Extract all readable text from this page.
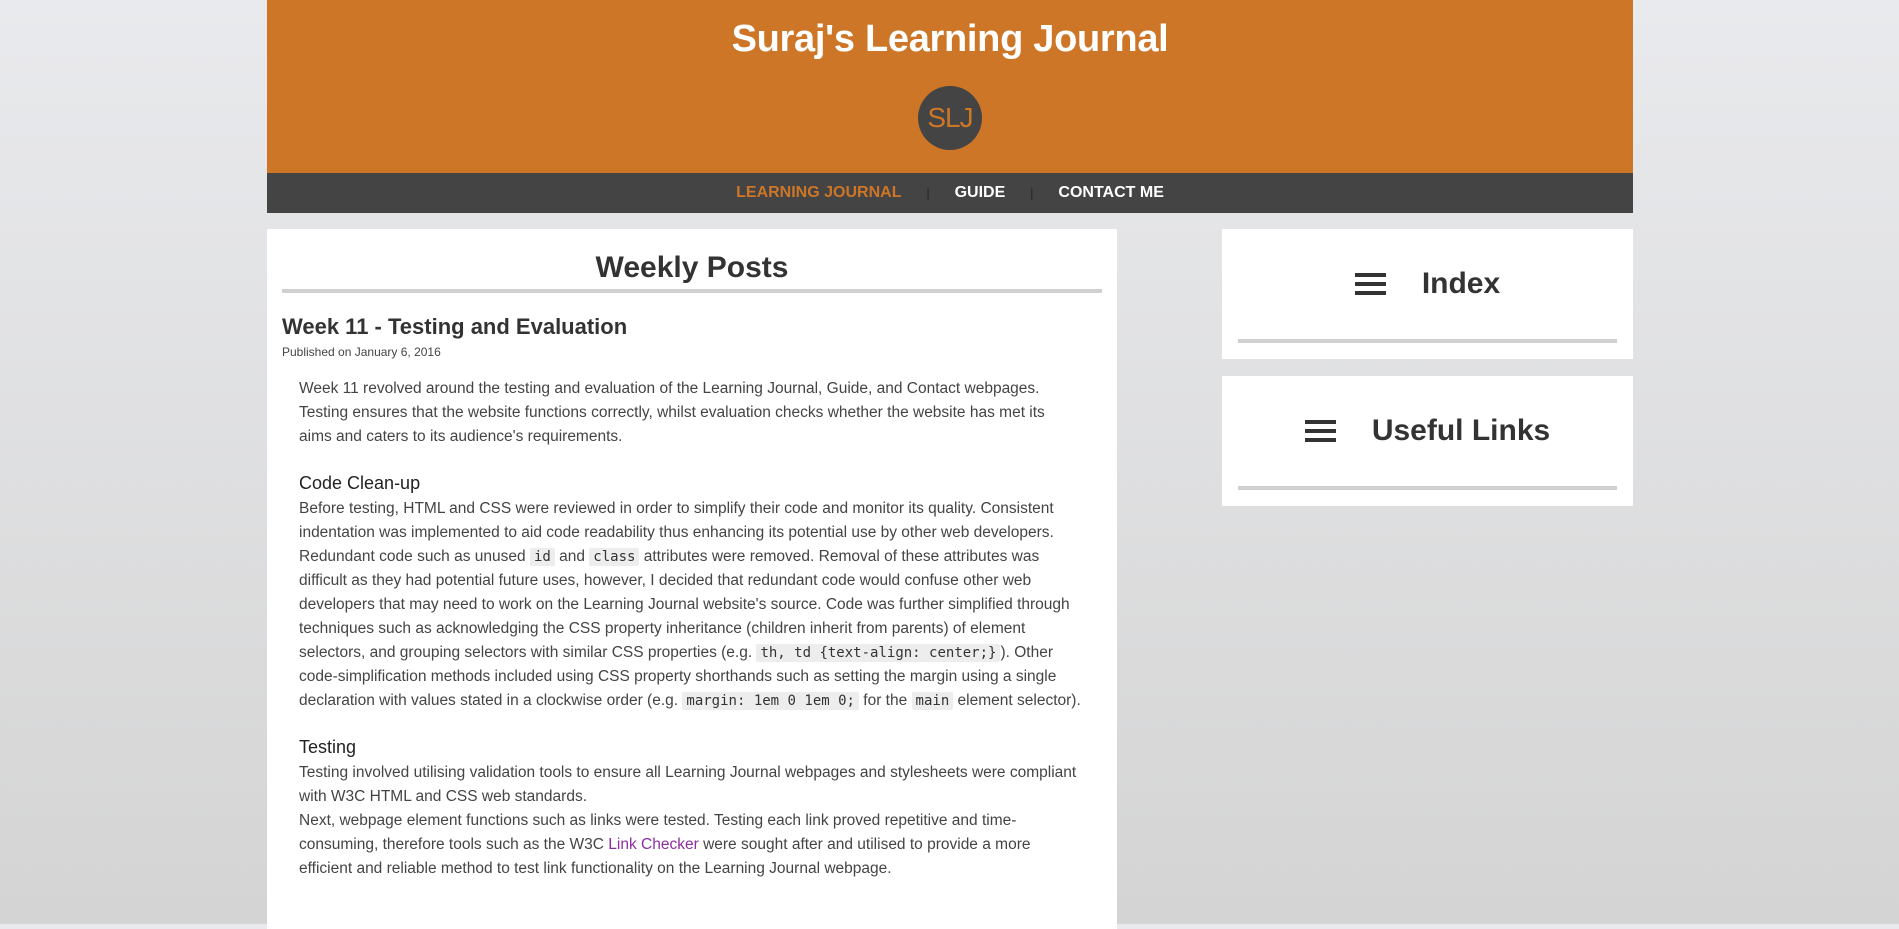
Suraj's Learning Journal
SLJ
LEARNING JOURNAL	|	GUIDE	|	CONTACT ME
Weekly Posts
Week 11 - Testing and Evaluation
Published on January 6, 2016

Week 11 revolved around the testing and evaluation of the Learning Journal, Guide, and Contact webpages. Testing ensures that the website functions correctly, whilst evaluation checks whether the website has met its aims and caters to its audience's requirements.

Code Clean-up

Before testing, HTML and CSS were reviewed in order to simplify their code and monitor its quality. Consistent indentation was implemented to aid code readability thus enhancing its potential use by other web developers. Redundant code such as unused id and class attributes were removed. Removal of these attributes was difficult as they had potential future uses, however, I decided that redundant code would confuse other web developers that may need to work on the Learning Journal website's source. Code was further simplified through techniques such as acknowledging the CSS property inheritance (children inherit from parents) of element selectors, and grouping selectors with similar CSS properties (e.g. th, td {text-align: center;} ). Other code-simplification methods included using CSS property shorthands such as setting the margin using a single declaration with values stated in a clockwise order (e.g. margin: 1em 0 1em 0; for the main element selector).

Testing

Testing involved utilising validation tools to ensure all Learning Journal webpages and stylesheets were compliant with W3C HTML and CSS web standards.

Next, webpage element functions such as links were tested. Testing each link proved repetitive and time-consuming, therefore tools such as the W3C Link Checker were sought after and utilised to provide a more efficient and reliable method to test link functionality on the Learning Journal webpage.

Index
Useful Links
